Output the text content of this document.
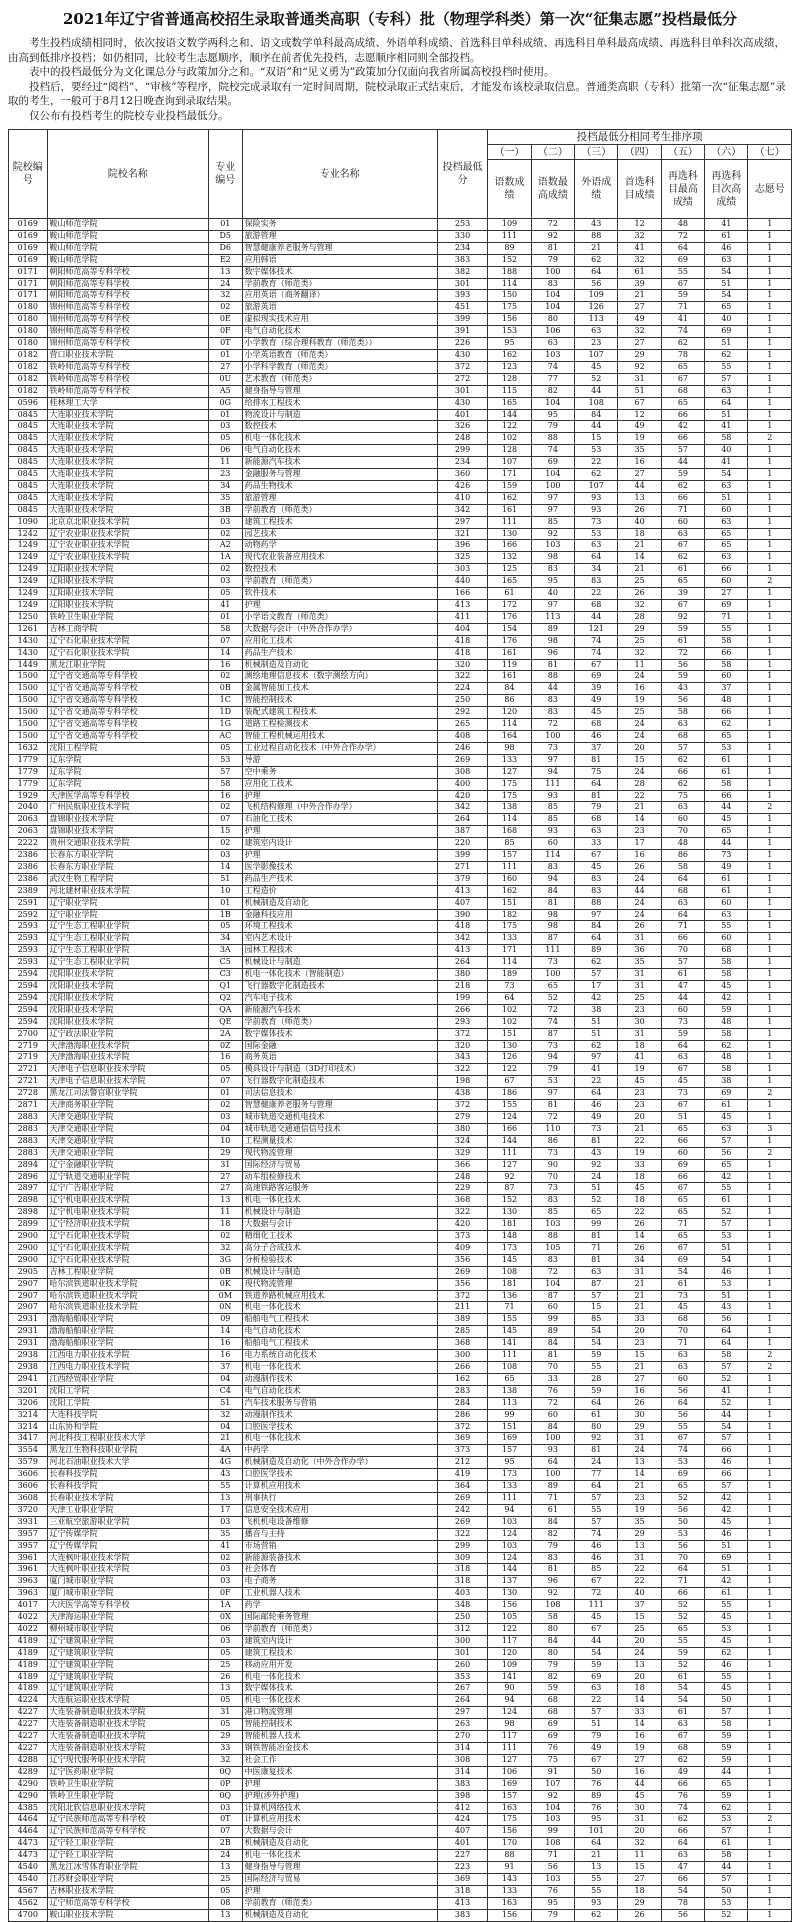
2021年辽宁省普通高校招生录取普通类高职（专科）批（物理学科类）第一次“征集志愿”投档最低分

考生投档成绩相同时，依次按语文数学两科之和、语文或数学单科最高成绩、外语单科成绩、首选科目单科成绩、再选科目单科最高成绩、再选科目单科次高成绩，由高到低排序投档；如仍相同，比较考生志愿顺序，顺序在前者优先投档，志愿顺序相同则全部投档。

表中的投档最低分为文化课总分与政策加分之和。“双语”和“见义勇为”政策加分仅面向我省所属高校投档时使用。

投档后，要经过“阅档”、“审核”等程序，院校完成录取有一定时间周期，院校录取正式结束后，才能发布该校录取信息。普通类高职（专科）批第一次“征集志愿”录取的考生，一般可于8月12日晚查询到录取结果。

仅公布有投档考生的院校专业投档最低分。

院校编号	院校名称	专业编号	专业名称	投档最低分	投档最低分相同考生排序项						
					（一）	（二）	（三）	（四）	（五）	（六）	（七）
					语数成绩	语数最高成绩	外语成绩	首选科目成绩	再选科目最高成绩	再选科目次高成绩	志愿号
0169	鞍山师范学院	01	保险实务	253	109	72	43	12	48	41	1
0169	鞍山师范学院	D5	旅游管理	330	111	92	88	32	72	61	1
0169	鞍山师范学院	D6	智慧健康养老服务与管理	234	89	81	21	41	64	46	1
0169	鞍山师范学院	E2	应用韩语	383	152	79	62	32	69	63	1
0171	朝阳师范高等专科学校	13	数字媒体技术	382	188	100	64	61	55	54	1
0171	朝阳师范高等专科学校	24	学前教育（师范类）	301	114	83	56	39	67	51	1
0171	朝阳师范高等专科学校	32	应用英语（商务翻译）	393	150	104	109	21	59	54	1
0180	锦州师范高等专科学校	02	旅游英语	451	175	104	126	27	71	65	1
0180	锦州师范高等专科学校	0E	虚拟现实技术应用	399	156	80	113	49	41	40	1
0180	锦州师范高等专科学校	0F	电气自动化技术	391	153	106	63	32	74	69	1
0180	锦州师范高等专科学校	0T	小学教育（综合理科教育（师范类））	226	95	63	23	27	62	51	1
0182	营口职业技术学院	01	小学英语教育（师范类）	430	162	103	107	29	78	62	1
0182	铁岭师范高等专科学校	27	小学科学教育（师范类）	372	123	74	45	92	65	55	1
0182	铁岭师范高等专科学校	0U	艺术教育（师范类）	272	128	77	52	31	67	57	1
0182	铁岭师范高等专科学校	A5	健身指导与管理	301	115	82	44	51	68	63	1
0596	桂林理工大学	0G	给排水工程技术	430	165	104	108	67	65	64	1
0845	大连职业技术学院	01	物流设计与制造	401	144	95	84	12	66	51	1
0845	大连职业技术学院	03	数控技术	326	122	79	44	49	42	41	1
0845	大连职业技术学院	05	机电一体化技术	248	102	88	15	19	66	58	2
0845	大连职业技术学院	06	电气自动化技术	299	128	74	53	35	57	40	1
0845	大连职业技术学院	11	新能源汽车技术	234	107	69	22	16	44	41	1
0845	大连职业技术学院	23	金融服务与管理	360	171	104	62	27	59	54	1
0845	大连职业技术学院	34	药品生物技术	426	159	100	107	44	62	63	1
0845	大连职业技术学院	35	旅游管理	410	162	97	93	13	66	51	1
0845	大连职业技术学院	3B	学前教育（师范类）	342	161	97	93	26	71	60	1
1090	北京京北职业技术学院	03	建筑工程技术	297	111	85	73	40	60	63	1
1242	辽宁农业职业技术学院	02	园艺技术	321	130	92	53	18	63	65	1
1249	辽宁农业职业技术学院	A2	动物药学	396	166	103	63	21	67	65	1
1249	辽宁农业职业技术学院	1A	现代农业装备应用技术	325	132	98	64	14	62	63	1
1249	辽阳职业技术学院	02	数控技术	303	125	83	34	21	61	66	1
1249	辽阳职业技术学院	03	学前教育（师范类）	440	165	95	83	25	65	60	2
1249	辽阳职业技术学院	05	软件技术	166	61	40	22	26	39	27	1
1249	辽阳职业技术学院	41	护理	413	172	97	68	32	67	69	1
1250	铁岭卫生职业学院	01	小学语文教育（师范类）	411	176	113	44	28	92	71	1
1261	吉林工商学院	58	大数据与会计（中外合作办学）	404	154	89	121	29	59	55	1
1430	辽宁石化职业技术学院	07	应用化工技术	418	176	98	74	25	61	58	1
1430	辽宁石化职业技术学院	14	药品生产技术	418	161	96	74	32	72	66	1
1449	黑龙江职业学院	16	机械制造及自动化	320	119	81	67	11	56	58	1
1500	辽宁省交通高等专科学校	02	测绘地理信息技术（数字测绘方向）	322	161	88	69	24	59	60	1
1500	辽宁省交通高等专科学校	0B	金属智能加工技术	224	84	44	39	16	43	37	1
1500	辽宁省交通高等专科学校	1C	智能控制技术	250	86	83	49	19	56	48	1
1500	辽宁省交通高等专科学校	1D	装配式建筑工程技术	292	120	83	45	25	58	66	1
1500	辽宁省交通高等专科学校	1G	道路工程检测技术	265	114	72	68	24	63	62	1
1500	辽宁省交通高等专科学校	AC	智能工程机械运用技术	408	164	100	46	24	68	65	1
1632	沈阳工程学院	05	工业过程自动化技术（中外合作办学）	246	98	73	37	20	57	53	1
1779	辽东学院	53	导游	269	133	97	81	15	62	61	1
1779	辽东学院	57	空中乘务	308	127	94	75	24	66	61	1
1779	辽东学院	58	应用化工技术	400	175	111	64	28	62	58	1
1929	天津医学高等专科学校	16	护理	420	175	93	81	22	75	66	1
2040	广州民航职业技术学院	02	飞机结构修理（中外合作办学）	342	138	85	79	21	63	44	2
2063	盘锦职业技术学院	07	石油化工技术	264	114	85	68	14	60	45	1
2063	盘锦职业技术学院	15	护理	387	168	93	63	23	70	65	1
2222	贵州交通职业技术学院	02	建筑室内设计	220	85	60	33	17	48	44	1
2386	长春东方职业学院	03	护理	399	157	114	67	16	86	73	1
2386	长春东方职业学院	14	医学影像技术	271	111	83	45	26	58	49	1
2386	武汉生物工程学院	51	药品生产技术	379	160	94	83	24	64	61	1
2389	河北建材职业技术学院	10	工程造价	413	162	84	83	44	68	61	1
2591	辽宁职业学院	01	机械制造及自动化	407	151	81	88	24	63	60	1
2592	辽宁职业学院	1B	金融科技应用	390	182	98	97	24	64	63	1
2593	辽宁生态工程职业学院	05	环境工程技术	418	175	98	84	26	71	55	1
2593	辽宁生态工程职业学院	34	室内艺术设计	342	133	87	64	31	66	60	1
2593	辽宁生态工程职业学院	3A	园林工程技术	413	171	111	89	36	70	68	1
2593	辽宁生态工程职业学院	C5	机械设计与制造	264	114	73	62	35	57	58	1
2594	沈阳职业技术学院	C3	机电一体化技术（智能制造）	380	189	100	57	31	61	58	1
2594	沈阳职业技术学院	Q1	飞行器数字化制造技术	218	73	65	17	31	47	45	1
2594	沈阳职业技术学院	Q2	汽车电子技术	199	64	52	42	25	44	42	1
2594	沈阳职业技术学院	QA	新能源汽车技术	266	102	72	38	23	60	59	1
2594	沈阳职业技术学院	QE	学前教育（师范类）	293	102	74	51	30	73	48	1
2700	辽宁政法职业学院	2A	数字媒体技术	372	151	87	51	31	59	58	1
2719	天津渤海职业技术学院	0Z	国际金融	320	130	73	62	18	64	62	1
2719	天津渤海职业技术学院	16	商务英语	343	126	94	97	41	63	48	1
2721	天津电子信息职业技术学院	05	模具设计与制造（3D打印技术）	322	122	79	41	19	67	58	1
2721	天津电子信息职业技术学院	07	飞行器数字化制造技术	198	67	53	22	45	45	38	1
2728	黑龙江司法警官职业学院	01	司法信息技术	438	186	97	64	23	73	69	2
2871	天津商务职业学院	02	智慧健康养老服务与管理	372	155	81	46	23	67	61	1
2883	天津交通职业学院	03	城市轨道交通机电技术	279	124	72	49	20	51	45	1
2883	天津交通职业学院	04	城市轨道交通通信信号技术	380	166	110	73	21	65	63	3
2883	天津交通职业学院	10	工程测量技术	324	144	86	81	22	66	57	1
2883	天津交通职业学院	29	现代物流管理	329	111	73	43	19	60	56	2
2894	辽宁金融职业学院	31	国际经济与贸易	366	127	90	92	33	69	65	1
2896	辽宁轨道交通职业学院	27	动车组检修技术	248	92	70	24	18	66	42	1
2897	辽宁广告职业学院	27	高速铁路客运服务	229	87	73	51	45	67	55	1
2898	辽宁机电职业技术学院	13	机电一体化技术	368	152	83	52	18	65	61	1
2898	辽宁机电职业技术学院	11	机械设计与制造	322	130	85	65	22	65	52	1
2899	辽宁经济职业技术学院	18	大数据与会计	420	181	103	99	26	71	57	1
2900	辽宁石化职业技术学院	02	精细化工技术	373	148	88	81	14	65	53	1
2900	辽宁石化职业技术学院	32	高分子合成技术	409	173	105	71	26	67	51	1
2900	辽宁石化职业技术学院	3G	分析检验技术	356	145	83	81	34	69	54	1
2905	吉林工程职业学院	0B	机械设计与制造	269	108	72	63	31	54	46	1
2907	哈尔滨铁道职业技术学院	0K	现代物流管理	356	181	104	87	21	61	53	1
2907	哈尔滨铁道职业技术学院	0M	铁道养路机械应用技术	372	136	87	57	21	73	51	1
2907	哈尔滨铁道职业技术学院	0N	机电一体化技术	211	71	60	15	21	45	43	1
2931	渤海船舶职业学院	09	船舶电气工程技术	389	155	99	85	33	68	56	1
2931	渤海船舶职业学院	14	电气自动化技术	285	145	89	54	20	70	64	1
2931	渤海船舶职业学院	16	船舶电气工程技术	368	141	84	54	23	71	64	1
2938	江西电力职业技术学院	16	电力系统自动化技术	300	111	81	59	15	63	58	2
2938	江西电力职业技术学院	37	机电一体化技术	266	108	70	55	21	63	57	2
2941	江西经贸职业学院	04	动漫制作技术	162	65	33	28	27	60	52	1
3201	沈阳工学院	C4	电气自动化技术	283	138	76	59	16	56	41	1
3206	沈阳工学院	51	汽车技术服务与营销	284	113	72	64	26	64	52	1
3214	大连科技学院	32	动漫制作技术	286	99	60	61	30	56	44	1
3214	山东协和学院	04	口腔医学技术	372	151	84	80	29	55	54	1
3417	河北科技工程职业技术大学	21	机电一体化技术	369	169	100	92	31	67	57	1
3554	黑龙江生物科技职业学院	4A	中药学	373	157	93	81	24	74	66	1
3579	河北石油职业技术大学	4G	机械制造及自动化（中外合作办学）	212	95	64	24	13	53	46	1
3606	长春科技学院	43	口腔医学技术	419	173	100	77	14	69	66	1
3606	长春科技学院	55	计算机应用技术	364	133	89	64	21	65	57	1
3608	长春职业技术学院	13	刑事执行	269	111	71	57	23	52	42	1
3720	天津工业职业学院	17	信息安全技术应用	242	94	61	55	19	56	42	1
3931	三亚航空旅游职业学院	03	飞机机电设备维修	269	103	84	57	35	50	45	1
3957	辽宁传媒学院	35	播音与主持	322	124	82	74	29	53	46	1
3957	辽宁传媒学院	41	市场营销	299	103	79	46	13	56	51	1
3961	大连枫叶职业技术学院	02	新能源装备技术	309	124	83	46	31	70	69	1
3961	大连枫叶职业技术学院	03	社会体育	318	144	81	85	22	64	51	1
3963	厦门城市职业学院	03	电子商务	318	137	96	67	22	71	42	1
3963	厦门城市职业学院	0F	工业机器人技术	403	130	92	72	40	66	61	1
4017	大庆医学高等专科学校	1A	药学	348	156	108	111	37	52	55	1
4022	天津海运职业学院	0X	国际邮轮乘务管理	250	105	58	45	15	52	45	1
4022	柳州城市职业学院	06	学前教育（师范类）	312	122	80	67	25	65	53	1
4189	辽宁建筑职业学院	03	建筑室内设计	300	117	84	44	20	55	45	1
4189	辽宁建筑职业学院	05	建筑工程技术	301	120	80	54	24	59	62	1
4189	辽宁建筑职业学院	25	移动应用开发	260	109	79	59	13	52	46	1
4189	辽宁建筑职业学院	26	机电一体化技术	353	141	82	69	20	61	55	1
4189	辽宁建筑职业学院	13	数字媒体技术	267	90	59	63	18	54	45	1
4224	大连航运职业技术学院	05	机电一体化技术	264	94	68	22	14	54	50	1
4227	大连装备制造职业技术学院	31	港口物流管理	297	124	68	57	33	61	57	1
4227	大连装备制造职业技术学院	05	智能控制技术	263	98	69	51	14	63	58	1
4227	大连装备制造职业技术学院	29	智能机器人技术	270	117	69	79	16	67	59	1
4227	大连装备制造职业技术学院	33	钢铁智能冶金技术	314	111	76	49	19	68	59	1
4288	辽宁现代服务职业技术学院	32	社会工作	308	127	75	67	27	62	59	1
4289	辽宁医药职业学院	0Q	中医康复技术	314	106	91	50	16	49	44	1
4290	铁岭卫生职业学院	0P	护理	383	169	107	76	44	66	65	1
4290	铁岭卫生职业学院	0Q	护理(涉外护理)	398	157	92	89	45	76	59	1
4385	沈阳北软信息职业技术学院	03	计算机网络技术	412	163	104	76	30	74	62	1
4464	辽宁民族师范高等专科学校	0T	计算机应用技术	424	175	103	95	31	62	53	2
4464	辽宁民族师范高等专科学校	07	大数据与会计	407	156	99	101	20	66	57	1
4473	辽宁轻工职业学院	2B	机械制造及自动化	401	170	108	64	32	64	61	1
4473	辽宁轻工职业学院	24	机电一体化技术	227	88	71	21	11	63	58	1
4540	黑龙江冰雪体育职业学院	13	健身指导与管理	223	91	56	13	15	47	44	1
4540	江苏财会职业学院	25	国际经济与贸易	369	143	103	55	27	66	57	1
4567	吉林职业技术学院	05	护理	318	133	76	55	18	54	50	1
4562	辽宁师范高等专科学校	08	学前教育（师范类）	413	163	95	93	29	78	53	1
4700	鞍山职业技术学院	13	机械制造及自动化	383	156	79	62	26	56	52	1
